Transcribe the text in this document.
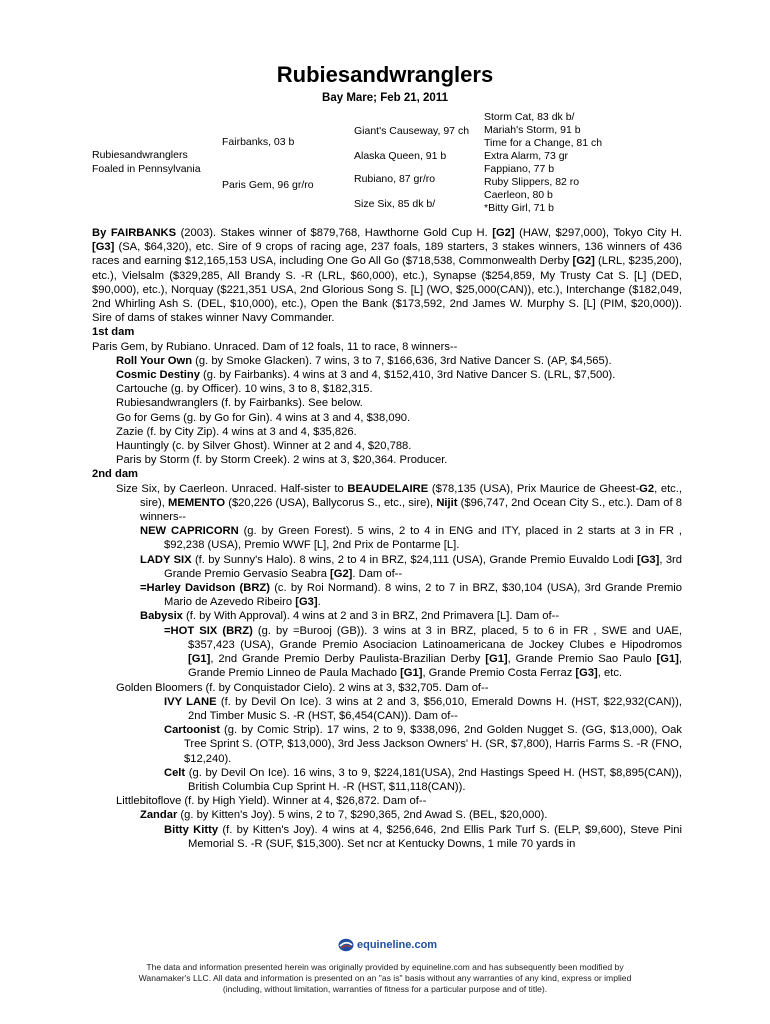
Rubiesandwranglers
Bay Mare; Feb 21, 2011
Rubiesandwranglers
Foaled in Pennsylvania
Fairbanks, 03 b
Paris Gem, 96 gr/ro
Giant's Causeway, 97 ch
Alaska Queen, 91 b
Rubiano, 87 gr/ro
Size Six, 85 dk b/
Storm Cat, 83 dk b/
Mariah's Storm, 91 b
Time for a Change, 81 ch
Extra Alarm, 73 gr
Fappiano, 77 b
Ruby Slippers, 82 ro
Caerleon, 80 b
*Bitty Girl, 71 b

By FAIRBANKS (2003). Stakes winner of $879,768, Hawthorne Gold Cup H. [G2] (HAW, $297,000), Tokyo City H. [G3] (SA, $64,320), etc. Sire of 9 crops of racing age, 237 foals, 189 starters, 3 stakes winners, 136 winners of 436 races and earning $12,165,153 USA, including One Go All Go ($718,538, Commonwealth Derby [G2] (LRL, $235,200), etc.), Vielsalm ($329,285, All Brandy S. -R (LRL, $60,000), etc.), Synapse ($254,859, My Trusty Cat S. [L] (DED, $90,000), etc.), Norquay ($221,351 USA, 2nd Glorious Song S. [L] (WO, $25,000(CAN)), etc.), Interchange ($182,049, 2nd Whirling Ash S. (DEL, $10,000), etc.), Open the Bank ($173,592, 2nd James W. Murphy S. [L] (PIM, $20,000)). Sire of dams of stakes winner Navy Commander.

1st dam

Paris Gem, by Rubiano. Unraced. Dam of 12 foals, 11 to race, 8 winners--

Roll Your Own (g. by Smoke Glacken). 7 wins, 3 to 7, $166,636, 3rd Native Dancer S. (AP, $4,565).

Cosmic Destiny (g. by Fairbanks). 4 wins at 3 and 4, $152,410, 3rd Native Dancer S. (LRL, $7,500).

Cartouche (g. by Officer). 10 wins, 3 to 8, $182,315.

Rubiesandwranglers (f. by Fairbanks). See below.

Go for Gems (g. by Go for Gin). 4 wins at 3 and 4, $38,090.

Zazie (f. by City Zip). 4 wins at 3 and 4, $35,826.

Hauntingly (c. by Silver Ghost). Winner at 2 and 4, $20,788.

Paris by Storm (f. by Storm Creek). 2 wins at 3, $20,364. Producer.

2nd dam

Size Six, by Caerleon. Unraced. Half-sister to BEAUDELAIRE ($78,135 (USA), Prix Maurice de Gheest-G2, etc., sire), MEMENTO ($20,226 (USA), Ballycorus S., etc., sire), Nijit ($96,747, 2nd Ocean City S., etc.). Dam of 8 winners--

NEW CAPRICORN (g. by Green Forest). 5 wins, 2 to 4 in ENG and ITY, placed in 2 starts at 3 in FR , $92,238 (USA), Premio WWF [L], 2nd Prix de Pontarme [L].

LADY SIX (f. by Sunny's Halo). 8 wins, 2 to 4 in BRZ, $24,111 (USA), Grande Premio Euvaldo Lodi [G3], 3rd Grande Premio Gervasio Seabra [G2]. Dam of--

=Harley Davidson (BRZ) (c. by Roi Normand). 8 wins, 2 to 7 in BRZ, $30,104 (USA), 3rd Grande Premio Mario de Azevedo Ribeiro [G3].

Babysix (f. by With Approval). 4 wins at 2 and 3 in BRZ, 2nd Primavera [L]. Dam of--

=HOT SIX (BRZ) (g. by =Burooj (GB)). 3 wins at 3 in BRZ, placed, 5 to 6 in FR , SWE and UAE, $357,423 (USA), Grande Premio Asociacion Latinoamericana de Jockey Clubes e Hipodromos [G1], 2nd Grande Premio Derby Paulista-Brazilian Derby [G1], Grande Premio Sao Paulo [G1], Grande Premio Linneo de Paula Machado [G1], Grande Premio Costa Ferraz [G3], etc.

Golden Bloomers (f. by Conquistador Cielo). 2 wins at 3, $32,705. Dam of--

IVY LANE (f. by Devil On Ice). 3 wins at 2 and 3, $56,010, Emerald Downs H. (HST, $22,932(CAN)), 2nd Timber Music S. -R (HST, $6,454(CAN)). Dam of--

Cartoonist (g. by Comic Strip). 17 wins, 2 to 9, $338,096, 2nd Golden Nugget S. (GG, $13,000), Oak Tree Sprint S. (OTP, $13,000), 3rd Jess Jackson Owners' H. (SR, $7,800), Harris Farms S. -R (FNO, $12,240).

Celt (g. by Devil On Ice). 16 wins, 3 to 9, $224,181(USA), 2nd Hastings Speed H. (HST, $8,895(CAN)), British Columbia Cup Sprint H. -R (HST, $11,118(CAN)).

Littlebitoflove (f. by High Yield). Winner at 4, $26,872. Dam of--

Zandar (g. by Kitten's Joy). 5 wins, 2 to 7, $290,365, 2nd Awad S. (BEL, $20,000).

Bitty Kitty (f. by Kitten's Joy). 4 wins at 4, $256,646, 2nd Ellis Park Turf S. (ELP, $9,600), Steve Pini Memorial S. -R (SUF, $15,300). Set ncr at Kentucky Downs, 1 mile 70 yards in

equineline.com
The data and information presented herein was originally provided by equineline.com and has subsequently been modified by
Wanamaker's LLC. All data and information is presented on an "as is" basis without any warranties of any kind, express or implied
(including, without limitation, warranties of fitness for a particular purpose and of title).
